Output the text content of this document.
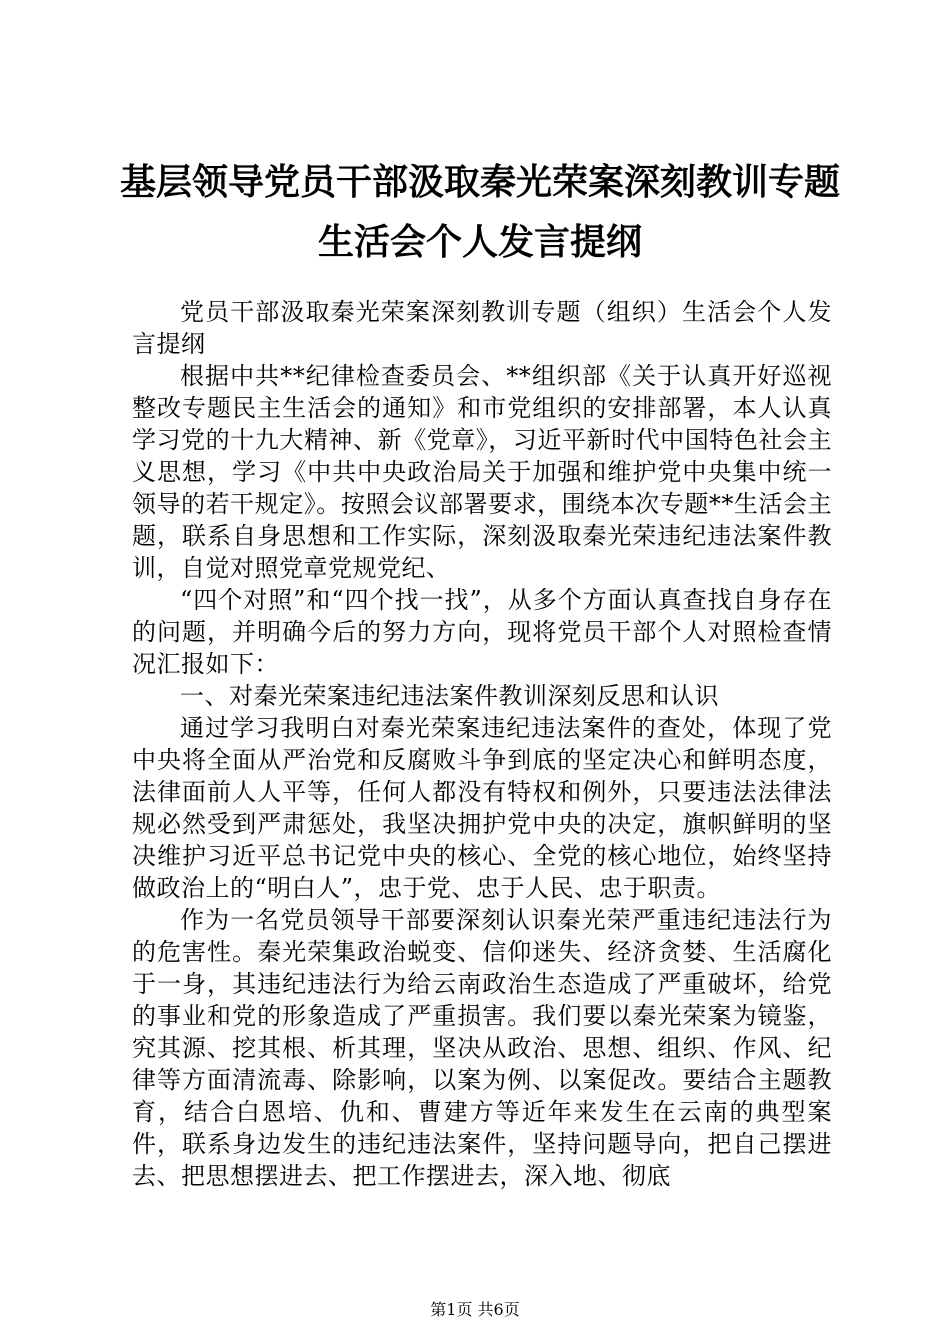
基层领导党员干部汲取秦光荣案深刻教训专题
生活会个人发言提纲

党员干部汲取秦光荣案深刻教训专题（组织）生活会个人发言提纲

根据中共**纪律检查委员会、**组织部《关于认真开好巡视整改专题民主生活会的通知》和市党组织的安排部署，本人认真学习党的十九大精神、新《党章》，习近平新时代中国特色社会主义思想，学习《中共中央政治局关于加强和维护党中央集中统一领导的若干规定》。按照会议部署要求，围绕本次专题**生活会主题，联系自身思想和工作实际，深刻汲取秦光荣违纪违法案件教训，自觉对照党章党规党纪、

“四个对照”和“四个找一找”，从多个方面认真查找自身存在的问题，并明确今后的努力方向，现将党员干部个人对照检查情况汇报如下：

一、对秦光荣案违纪违法案件教训深刻反思和认识

通过学习我明白对秦光荣案违纪违法案件的查处，体现了党中央将全面从严治党和反腐败斗争到底的坚定决心和鲜明态度，法律面前人人平等，任何人都没有特权和例外，只要违法法律法规必然受到严肃惩处，我坚决拥护党中央的决定，旗帜鲜明的坚决维护习近平总书记党中央的核心、全党的核心地位，始终坚持做政治上的“明白人”，忠于党、忠于人民、忠于职责。

作为一名党员领导干部要深刻认识秦光荣严重违纪违法行为的危害性。秦光荣集政治蜕变、信仰迷失、经济贪婪、生活腐化于一身，其违纪违法行为给云南政治生态造成了严重破坏，给党的事业和党的形象造成了严重损害。我们要以秦光荣案为镜鉴，究其源、挖其根、析其理，坚决从政治、思想、组织、作风、纪律等方面清流毒、除影响，以案为例、以案促改。要结合主题教育，结合白恩培、仇和、曹建方等近年来发生在云南的典型案件，联系身边发生的违纪违法案件，坚持问题导向，把自己摆进去、把思想摆进去、把工作摆进去，深入地、彻底

第1页 共6页
